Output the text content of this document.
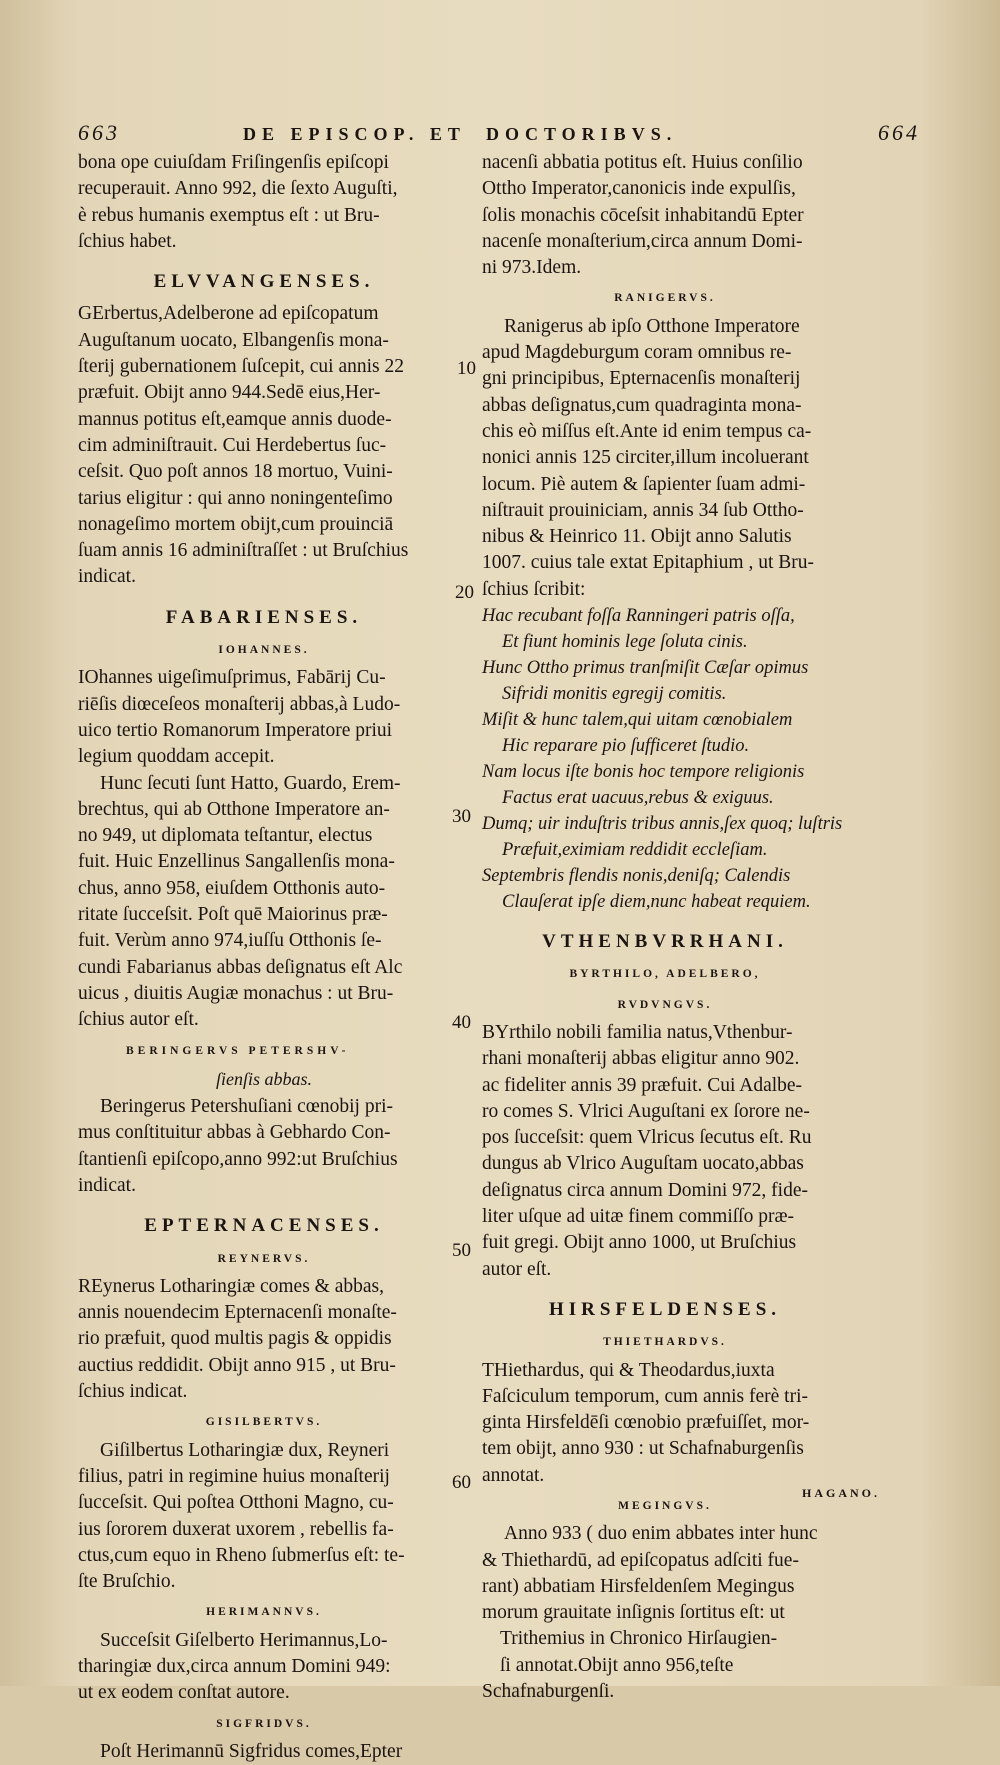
663	DE EPISCOP. ET DOCTORIBVS.	664

bona ope cuiuſdam Friſingenſis epiſcopi

recuperauit. Anno 992, die ſexto Auguſti,

è rebus humanis exemptus eſt : ut Bru-

ſchius habet.

ELVVANGENSES.

GErbertus,Adelberone ad epiſcopatum

Auguſtanum uocato, Elbangenſis mona-

ſterij gubernationem ſuſcepit, cui annis 22

præfuit. Obijt anno 944.Sedē eius,Her-

mannus potitus eſt,eamque annis duode-

cim adminiſtrauit. Cui Herdebertus ſuc-

ceſsit. Quo poſt annos 18 mortuo, Vuini-

tarius eligitur : qui anno noningenteſimo

nonageſimo mortem obijt,cum prouinciā

ſuam annis 16 adminiſtraſſet : ut Bruſchius

indicat.

FABARIENSES.
IOHANNES.

IOhannes uigeſimuſprimus, Fabārij Cu-

riēſis diœceſeos monaſterij abbas,à Ludo-

uico tertio Romanorum Imperatore priui

legium quoddam accepit.

Hunc ſecuti ſunt Hatto, Guardo, Erem-

brechtus, qui ab Otthone Imperatore an-

no 949, ut diplomata teſtantur, electus

fuit. Huic Enzellinus Sangallenſis mona-

chus, anno 958, eiuſdem Otthonis auto-

ritate ſucceſsit. Poſt quē Maiorinus præ-

fuit. Verùm anno 974,iuſſu Otthonis ſe-

cundi Fabarianus abbas deſignatus eſt Alc

uicus , diuitis Augiæ monachus : ut Bru-

ſchius autor eſt.

BERINGERVS PETERSHV-
ſienſis abbas.

Beringerus Petershuſiani cœnobij pri-

mus conſtituitur abbas à Gebhardo Con-

ſtantienſi epiſcopo,anno 992:ut Bruſchius

indicat.

EPTERNACENSES.
REYNERVS.

REynerus Lotharingiæ comes & abbas,

annis nouendecim Epternacenſi monaſte-

rio præfuit, quod multis pagis & oppidis

auctius reddidit. Obijt anno 915 , ut Bru-

ſchius indicat.

GISILBERTVS.

Giſilbertus Lotharingiæ dux, Reyneri

filius, patri in regimine huius monaſterij

ſucceſsit. Qui poſtea Otthoni Magno, cu-

ius ſororem duxerat uxorem , rebellis fa-

ctus,cum equo in Rheno ſubmerſus eſt: te-

ſte Bruſchio.

HERIMANNVS.

Succeſsit Giſelberto Herimannus,Lo-

tharingiæ dux,circa annum Domini 949:

ut ex eodem conſtat autore.

SIGFRIDVS.

Poſt Herimannū Sigfridus comes,Epter

10
20
30
40
50
60

nacenſi abbatia potitus eſt. Huius conſilio

Ottho Imperator,canonicis inde expulſis,

ſolis monachis cōceſsit inhabitandū Epter

nacenſe monaſterium,circa annum Domi-

ni 973.Idem.

RANIGERVS.

Ranigerus ab ipſo Otthone Imperatore

apud Magdeburgum coram omnibus re-

gni principibus, Epternacenſis monaſterij

abbas deſignatus,cum quadraginta mona-

chis eò miſſus eſt.Ante id enim tempus ca-

nonici annis 125 circiter,illum incoluerant

locum. Piè autem & ſapienter ſuam admi-

niſtrauit prouiniciam, annis 34 ſub Ottho-

nibus & Heinrico 11. Obijt anno Salutis

1007. cuius tale extat Epitaphium , ut Bru-

ſchius ſcribit:

Hac recubant foſſa Ranningeri patris oſſa,

Et fiunt hominis lege ſoluta cinis.

Hunc Ottho primus tranſmiſit Cæſar opimus

Sifridi monitis egregij comitis.

Miſit & hunc talem,qui uitam cœnobialem

Hic reparare pio ſufficeret ſtudio.

Nam locus iſte bonis hoc tempore religionis

Factus erat uacuus,rebus & exiguus.

Dumq; uir induſtris tribus annis,ſex quoq; luſtris

Præfuit,eximiam reddidit eccleſiam.

Septembris flendis nonis,deniſq; Calendis

Clauſerat ipſe diem,nunc habeat requiem.

VTHENBVRRHANI.
BYRTHILO, ADELBERO,
RVDVNGVS.

BYrthilo nobili familia natus,Vthenbur-

rhani monaſterij abbas eligitur anno 902.

ac fideliter annis 39 præfuit. Cui Adalbe-

ro comes S. Vlrici Auguſtani ex ſorore ne-

pos ſucceſsit: quem Vlricus ſecutus eſt. Ru

dungus ab Vlrico Auguſtam uocato,abbas

deſignatus circa annum Domini 972, fide-

liter uſque ad uitæ finem commiſſo præ-

fuit gregi. Obijt anno 1000, ut Bruſchius

autor eſt.

HIRSFELDENSES.
THIETHARDVS.

THiethardus, qui & Theodardus,iuxta

Faſciculum temporum, cum annis ferè tri-

ginta Hirsfeldēſi cœnobio præfuiſſet, mor-

tem obijt, anno 930 : ut Schafnaburgenſis

annotat.

MEGINGVS.

Anno 933 ( duo enim abbates inter hunc

& Thiethardū, ad epiſcopatus adſciti fue-

rant) abbatiam Hirsfeldenſem Megingus

morum grauitate inſignis ſortitus eſt: ut

Trithemius in Chronico Hirſaugien-

ſi annotat.Obijt anno 956,teſte

Schafnaburgenſi.

HAGANO.
